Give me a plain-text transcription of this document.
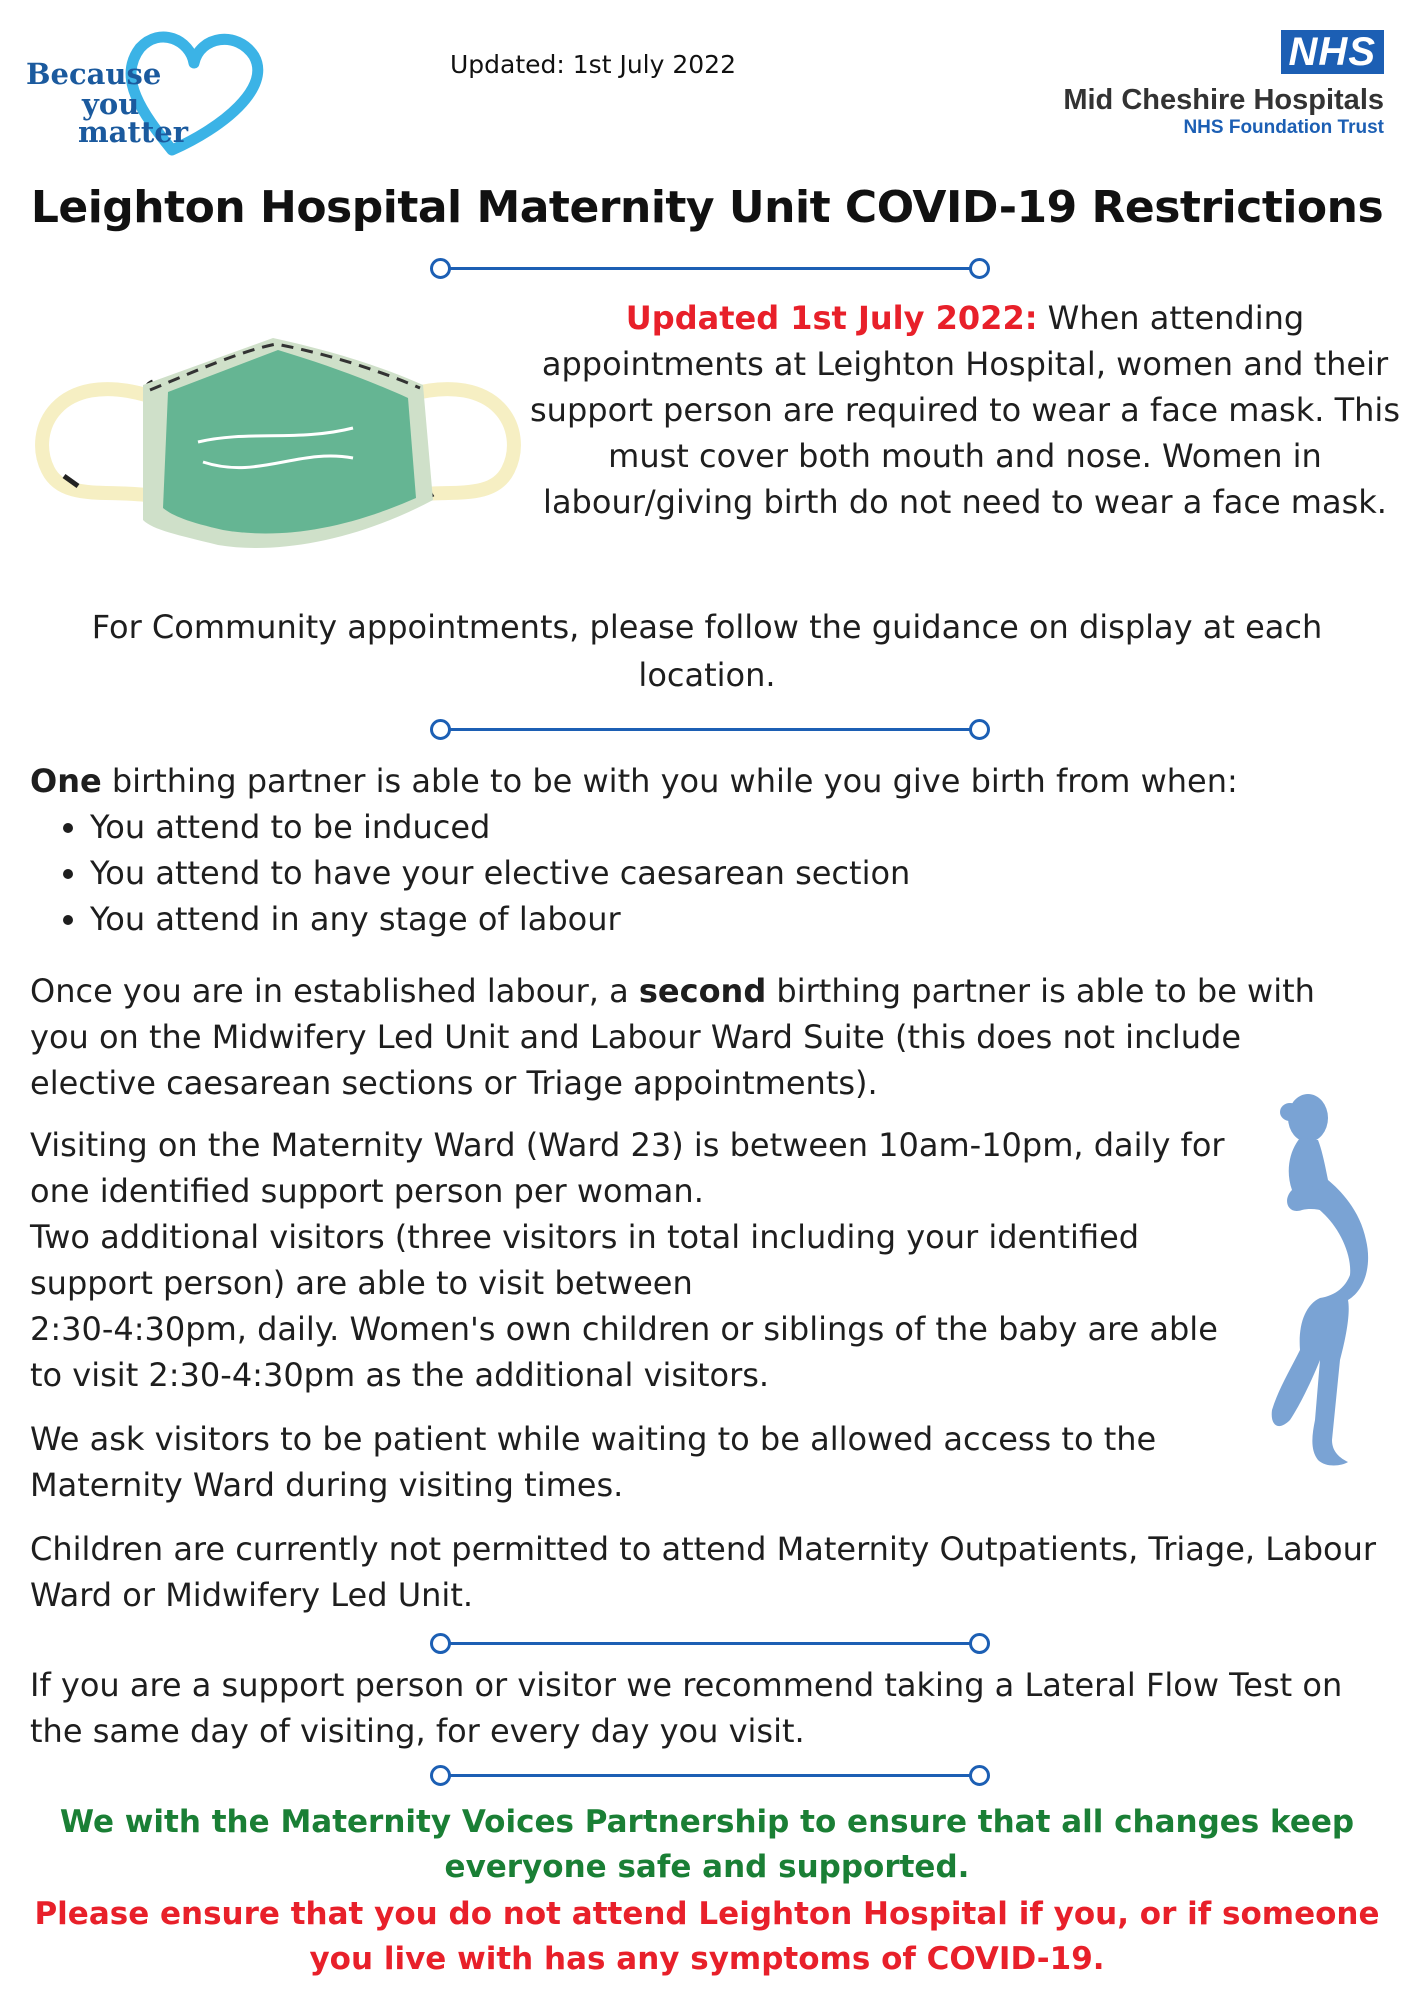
Because
you
matter
Updated: 1st July 2022	NHS
Mid Cheshire Hospitals
NHS Foundation Trust
Leighton Hospital Maternity Unit COVID-19 Restrictions
Updated 1st July 2022: When attending appointments at Leighton Hospital, women and their support person are required to wear a face mask. This must cover both mouth and nose. Women in labour/giving birth do not need to wear a face mask.
For Community appointments, please follow the guidance on display at each location.
One birthing partner is able to be with you while you give birth from when:
• You attend to be induced
• You attend to have your elective caesarean section
• You attend in any stage of labour
Once you are in established labour, a second birthing partner is able to be with you on the Midwifery Led Unit and Labour Ward Suite (this does not include elective caesarean sections or Triage appointments).
Visiting on the Maternity Ward (Ward 23) is between 10am-10pm, daily for one identified support person per woman.
Two additional visitors (three visitors in total including your identified support person) are able to visit between
2:30-4:30pm, daily. Women's own children or siblings of the baby are able to visit 2:30-4:30pm as the additional visitors.
We ask visitors to be patient while waiting to be allowed access to the Maternity Ward during visiting times.
Children are currently not permitted to attend Maternity Outpatients, Triage, Labour Ward or Midwifery Led Unit.
If you are a support person or visitor we recommend taking a Lateral Flow Test on the same day of visiting, for every day you visit.
We with the Maternity Voices Partnership to ensure that all changes keep everyone safe and supported.
Please ensure that you do not attend Leighton Hospital if you, or if someone you live with has any symptoms of COVID-19.
